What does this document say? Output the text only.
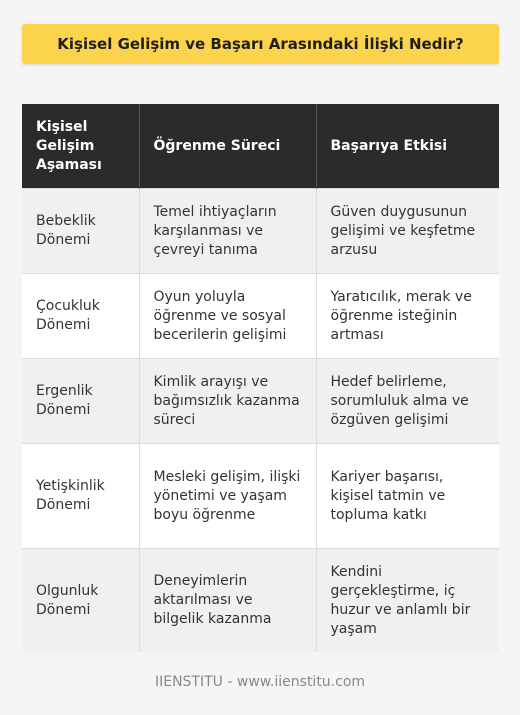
Kişisel Gelişim ve Başarı Arasındaki İlişki Nedir?
Kişisel Gelişim Aşaması	Öğrenme Süreci	Başarıya Etkisi
Bebeklik Dönemi	Temel ihtiyaçların karşılanması ve çevreyi tanıma	Güven duygusunun gelişimi ve keşfetme arzusu
Çocukluk Dönemi	Oyun yoluyla öğrenme ve sosyal becerilerin gelişimi	Yaratıcılık, merak ve öğrenme isteğinin artması
Ergenlik Dönemi	Kimlik arayışı ve bağımsızlık kazanma süreci	Hedef belirleme, sorumluluk alma ve özgüven gelişimi
Yetişkinlik Dönemi	Mesleki gelişim, ilişki yönetimi ve yaşam boyu öğrenme	Kariyer başarısı, kişisel tatmin ve topluma katkı
Olgunluk Dönemi	Deneyimlerin aktarılması ve bilgelik kazanma	Kendini gerçekleştirme, iç huzur ve anlamlı bir yaşam
IIENSTITU - www.iienstitu.com
